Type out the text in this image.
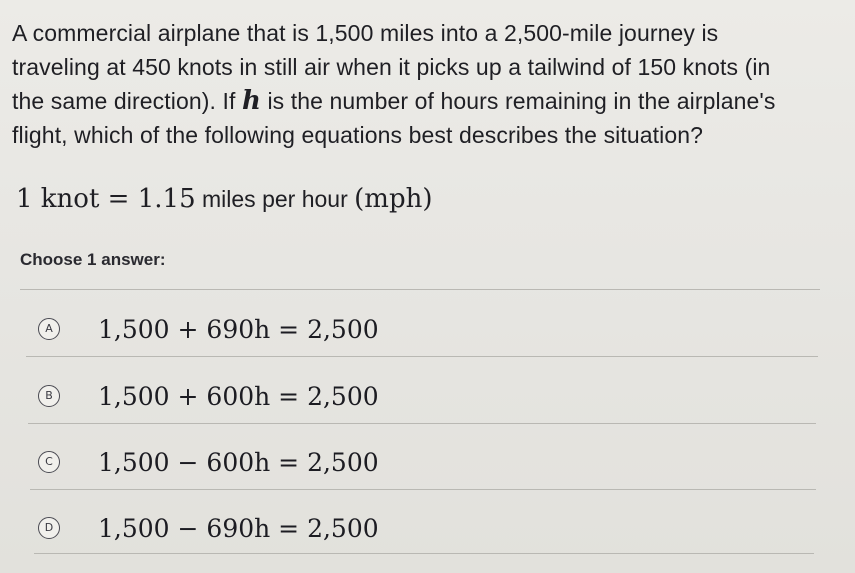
A commercial airplane that is 1,500 miles into a 2,500-mile journey is
traveling at 450 knots in still air when it picks up a tailwind of 150 knots (in
the same direction). If h is the number of hours remaining in the airplane's
flight, which of the following equations best describes the situation?
1 knot = 1.15 miles per hour (mph)
Choose 1 answer:
A 1,500 + 690h = 2,500
B 1,500 + 600h = 2,500
C 1,500 − 600h = 2,500
D 1,500 − 690h = 2,500
